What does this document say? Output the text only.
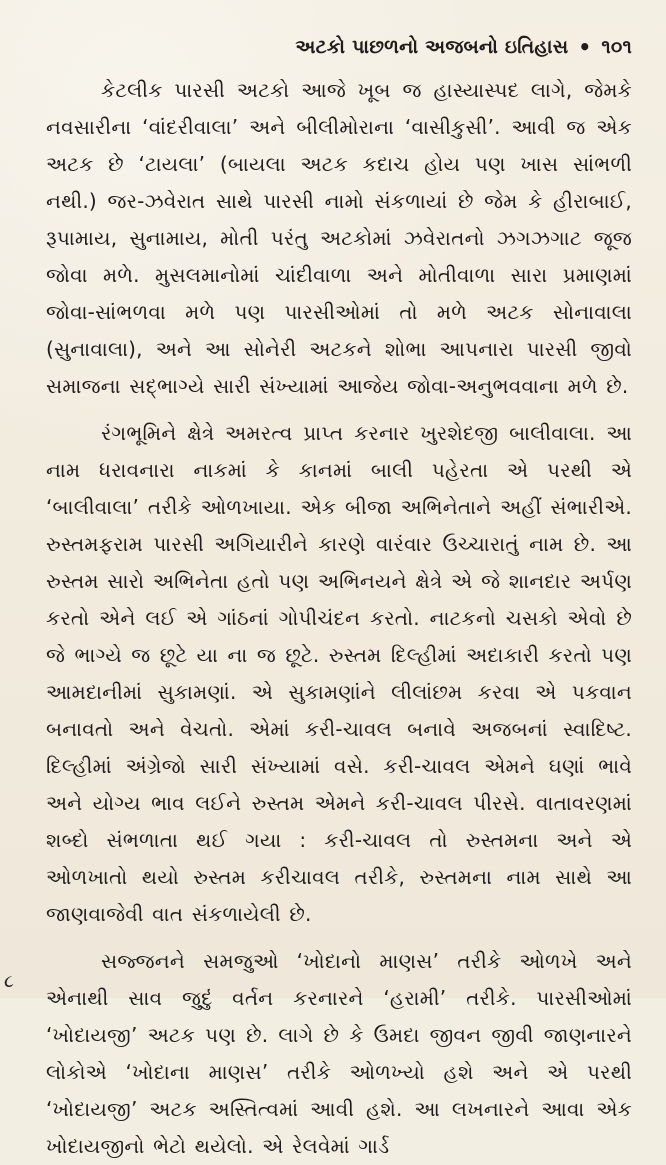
અટકો પાછળનો અજબનો ઇતિહાસ • ૧૦૧

કેટલીક પારસી અટકો આજે ખૂબ જ હાસ્યાસ્પદ લાગે, જેમકે નવસારીના ‘વાંદરીવાલા’ અને બીલીમોરાના ‘વાસીકુસી’. આવી જ એક અટક છે ‘ટાયલા’ (બાયલા અટક કદાચ હોય પણ ખાસ સાંભળી નથી.) જર-ઝવેરાત સાથે પારસી નામો સંકળાયાં છે જેમ કે હીરાબાઈ, રૂપામાય, સુનામાય, મોતી પરંતુ અટકોમાં ઝવેરાતનો ઝગઝગાટ જૂજ જોવા મળે. મુસલમાનોમાં ચાંદીવાળા અને મોતીવાળા સારા પ્રમાણમાં જોવા-સાંભળવા મળે પણ પારસીઓમાં તો મળે અટક સોનાવાલા (સુનાવાલા), અને આ સોનેરી અટકને શોભા આપનારા પારસી જીવો સમાજના સદ્‌ભાગ્યે સારી સંખ્યામાં આજેય જોવા-અનુભવવાના મળે છે.

રંગભૂમિને ક્ષેત્રે અમરત્વ પ્રાપ્ત કરનાર ખુરશેદજી બાલીવાલા. આ નામ ધરાવનારા નાકમાં કે કાનમાં બાલી પહેરતા એ પરથી એ ‘બાલીવાલા’ તરીકે ઓળખાયા. એક બીજા અભિનેતાને અહીં સંભારીએ. રુસ્તમફરામ પારસી અગિયારીને કારણે વારંવાર ઉચ્ચારાતું નામ છે. આ રુસ્તમ સારો અભિનેતા હતો પણ અભિનયને ક્ષેત્રે એ જે શાનદાર અર્પણ કરતો એને લઈ એ ગાંઠનાં ગોપીચંદન કરતો. નાટકનો ચસકો એવો છે જે ભાગ્યે જ છૂટે યા ના જ છૂટે. રુસ્તમ દિલ્હીમાં અદાકારી કરતો પણ આમદાનીમાં સુકામણાં. એ સુકામણાંને લીલાંછમ કરવા એ પકવાન બનાવતો અને વેચતો. એમાં કરી-ચાવલ બનાવે અજબનાં સ્વાદિષ્ટ. દિલ્હીમાં અંગ્રેજો સારી સંખ્યામાં વસે. કરી-ચાવલ એમને ઘણાં ભાવે અને યોગ્ય ભાવ લઈને રુસ્તમ એમને કરી-ચાવલ પીરસે. વાતાવરણમાં શબ્દો સંભળાતા થઈ ગયા : કરી-ચાવલ તો રુસ્તમના અને એ ઓળખાતો થયો રુસ્તમ કરીચાવલ તરીકે, રુસ્તમના નામ સાથે આ જાણવાજેવી વાત સંકળાયેલી છે.

સજ્જનને સમજુઓ ‘ખોદાનો માણસ’ તરીકે ઓળખે અને એનાથી સાવ જુદું વર્તન કરનારને ‘હરામી’ તરીકે. પારસીઓમાં ‘ખોદાયજી’ અટક પણ છે. લાગે છે કે ઉમદા જીવન જીવી જાણનારને લોકોએ ‘ખોદાના માણસ’ તરીકે ઓળખ્યો હશે અને એ પરથી ‘ખોદાયજી’ અટક અસ્તિત્વમાં આવી હશે. આ લખનારને આવા એક ખોદાયજીનો ભેટો થયેલો. એ રેલવેમાં ગાર્ડ

૮
